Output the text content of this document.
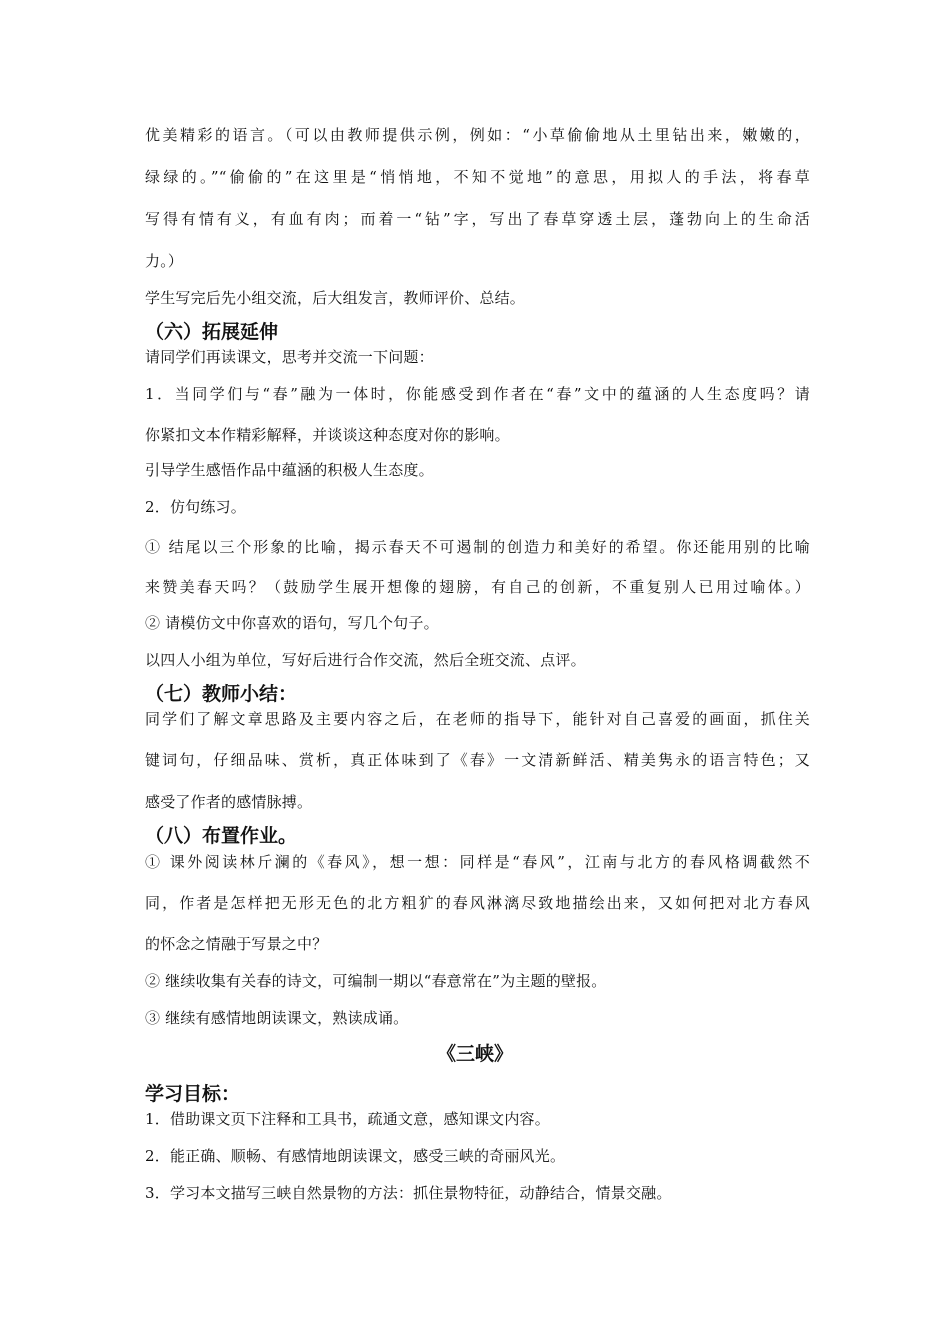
优美精彩的语言。（可以由教师提供示例，例如：“小草偷偷地从土里钻出来，嫩嫩的，
绿绿的。”“偷偷的”在这里是“悄悄地，不知不觉地”的意思，用拟人的手法，将春草
写得有情有义，有血有肉；而着一“钻”字，写出了春草穿透土层，蓬勃向上的生命活
力。）
学生写完后先小组交流，后大组发言，教师评价、总结。
（六）拓展延伸
请同学们再读课文，思考并交流一下问题：
1．当同学们与“春”融为一体时，你能感受到作者在“春”文中的蕴涵的人生态度吗？请
你紧扣文本作精彩解释，并谈谈这种态度对你的影响。
引导学生感悟作品中蕴涵的积极人生态度。
2．仿句练习。
① 结尾以三个形象的比喻，揭示春天不可遏制的创造力和美好的希望。你还能用别的比喻
来赞美春天吗？（鼓励学生展开想像的翅膀，有自己的创新，不重复别人已用过喻体。）
② 请模仿文中你喜欢的语句，写几个句子。
以四人小组为单位，写好后进行合作交流，然后全班交流、点评。
（七）教师小结：
同学们了解文章思路及主要内容之后，在老师的指导下，能针对自己喜爱的画面，抓住关
键词句，仔细品味、赏析，真正体味到了《春》一文清新鲜活、精美隽永的语言特色；又
感受了作者的感情脉搏。
（八）布置作业。
① 课外阅读林斤澜的《春风》，想一想：同样是“春风”，江南与北方的春风格调截然不
同，作者是怎样把无形无色的北方粗犷的春风淋漓尽致地描绘出来，又如何把对北方春风
的怀念之情融于写景之中？
② 继续收集有关春的诗文，可编制一期以“春意常在”为主题的壁报。
③ 继续有感情地朗读课文，熟读成诵。
《三峡》
学习目标：
1．借助课文页下注释和工具书，疏通文意，感知课文内容。
2．能正确、顺畅、有感情地朗读课文，感受三峡的奇丽风光。
3．学习本文描写三峡自然景物的方法：抓住景物特征，动静结合，情景交融。
